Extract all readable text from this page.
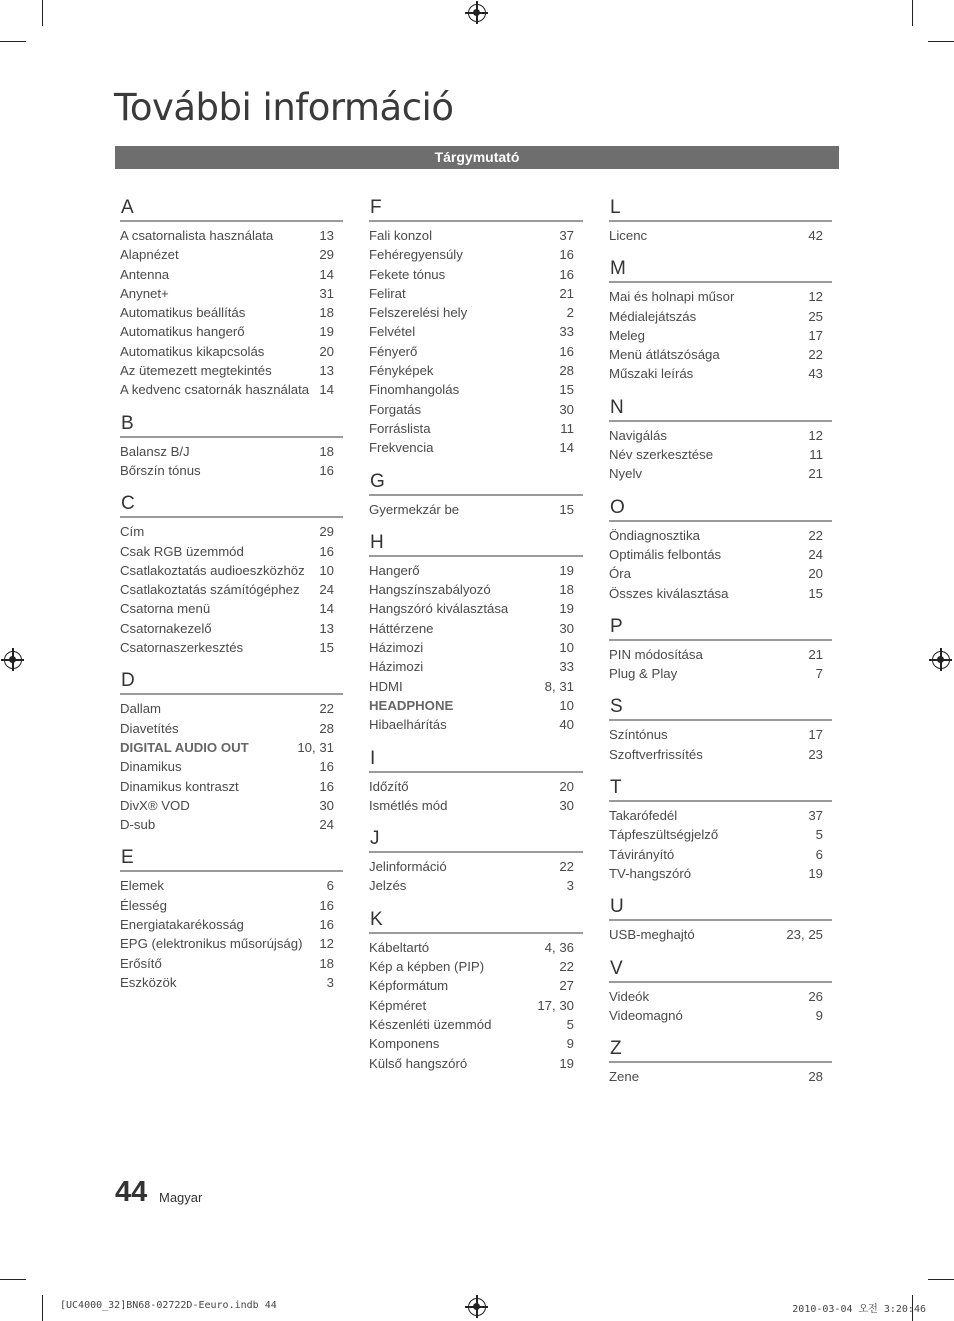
További információ
Tárgymutató
A
A csatornalista használata	13
Alapnézet	29
Antenna	14
Anynet+	31
Automatikus beállítás	18
Automatikus hangerő	19
Automatikus kikapcsolás	20
Az ütemezett megtekintés	13
A kedvenc csatornák használata 14
B
Balansz B/J	18
Bőrszín tónus	16
C
Cím	29
Csak RGB üzemmód	16
Csatlakoztatás audioeszközhöz	10
Csatlakoztatás számítógéphez	24
Csatorna menü	14
Csatornakezelő	13
Csatornaszerkesztés	15
D
Dallam	22
Diavetítés	28
DIGITAL AUDIO OUT	10, 31
Dinamikus	16
Dinamikus kontraszt	16
DivX® VOD	30
D-sub	24
E
Elemek	6
Élesség	16
Energiatakarékosság	16
EPG (elektronikus műsorújság)	12
Erősítő	18
Eszközök	3
F
Fali konzol	37
Fehéregyensúly	16
Fekete tónus	16
Felirat	21
Felszerelési hely	2
Felvétel	33
Fényerő	16
Fényképek	28
Finomhangolás	15
Forgatás	30
Forráslista	11
Frekvencia	14
G
Gyermekzár be	15
H
Hangerő	19
Hangszínszabályozó	18
Hangszóró kiválasztása	19
Háttérzene	30
Házimozi	10
Házimozi	33
HDMI	8, 31
HEADPHONE	10
Hibaelhárítás	40
I
Időzítő	20
Ismétlés mód	30
J
Jelinformáció	22
Jelzés	3
K
Kábeltartó	4, 36
Kép a képben (PIP)	22
Képformátum	27
Képméret	17, 30
Készenléti üzemmód	5
Komponens	9
Külső hangszóró	19
L
Licenc	42
M
Mai és holnapi műsor	12
Médialejátszás	25
Meleg	17
Menü átlátszósága	22
Műszaki leírás	43
N
Navigálás	12
Név szerkesztése	11
Nyelv	21
O
Öndiagnosztika	22
Optimális felbontás	24
Óra	20
Összes kiválasztása	15
P
PIN módosítása	21
Plug & Play	7
S
Színtónus	17
Szoftverfrissítés	23
T
Takarófedél	37
Tápfeszültségjelző	5
Távirányító	6
TV-hangszóró	19
U
USB-meghajtó	23, 25
V
Videók	26
Videomagnó	9
Z
Zene	28
44 Magyar
[UC4000_32]BN68-02722D-Eeuro.indb 44	2010-03-04 오전 3:20:46
